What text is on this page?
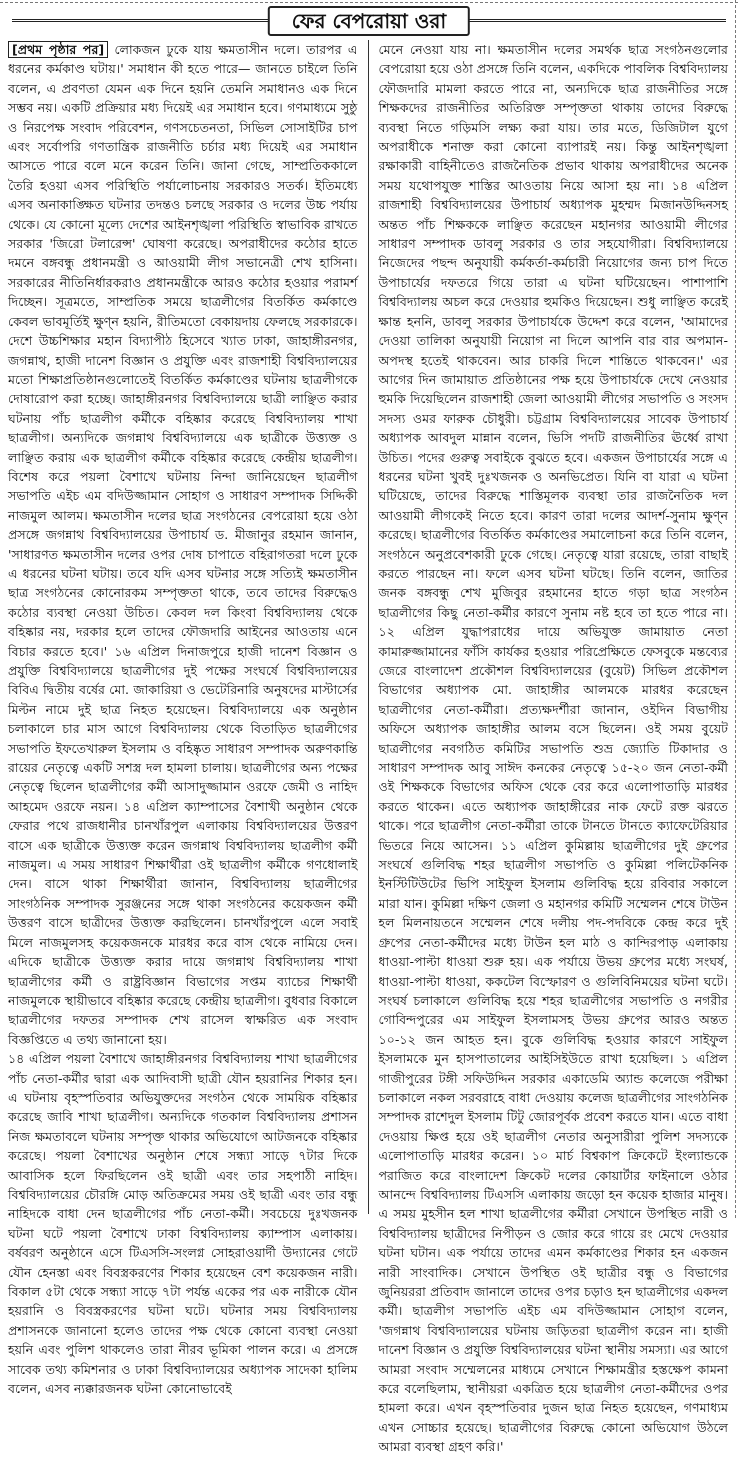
ফের বেপরোয়া ওরা

[প্রথম পৃষ্ঠার পর] লোকজন ঢুকে যায় ক্ষমতাসীন দলে। তারপর এ ধরনের কর্মকাণ্ড ঘটায়।' সমাধান কী হতে পারে— জানতে চাইলে তিনি বলেন, এ প্রবণতা যেমন এক দিনে হয়নি তেমনি সমাধানও এক দিনে সম্ভব নয়। একটি প্রক্রিয়ার মধ্য দিয়েই এর সমাধান হবে। গণমাধ্যমে সুষ্ঠু ও নিরপেক্ষ সংবাদ পরিবেশন, গণসচেতনতা, সিভিল সোসাইটির চাপ এবং সর্বোপরি গণতান্ত্রিক রাজনীতি চর্চার মধ্য দিয়েই এর সমাধান আসতে পারে বলে মনে করেন তিনি। জানা গেছে, সাম্প্রতিককালে তৈরি হওয়া এসব পরিস্থিতি পর্যালোচনায় সরকারও সতর্ক। ইতিমধ্যে এসব অনাকাঙ্ক্ষিত ঘটনার তদন্তও চলছে সরকার ও দলের উচ্চ পর্যায় থেকে। যে কোনো মূল্যে দেশের আইনশৃঙ্খলা পরিস্থিতি স্বাভাবিক রাখতে সরকার 'জিরো টলারেন্স' ঘোষণা করেছে। অপরাধীদের কঠোর হাতে দমনে বঙ্গবন্ধু প্রধানমন্ত্রী ও আওয়ামী লীগ সভানেত্রী শেখ হাসিনা। সরকারের নীতিনির্ধারকরাও প্রধানমন্ত্রীকে আরও কঠোর হওয়ার পরামর্শ দিচ্ছেন। সূত্রমতে, সাম্প্রতিক সময়ে ছাত্রলীগের বিতর্কিত কর্মকাণ্ডে কেবল ভাবমূর্তিই ক্ষুণ্ন হয়নি, রীতিমতো বেকায়দায় ফেলছে সরকারকে। দেশে উচ্চশিক্ষার মহান বিদ্যাপীঠ হিসেবে খ্যাত ঢাকা, জাহাঙ্গীরনগর, জগন্নাথ, হাজী দানেশ বিজ্ঞান ও প্রযুক্তি এবং রাজশাহী বিশ্ববিদ্যালয়ের মতো শিক্ষাপ্রতিষ্ঠানগুলোতেই বিতর্কিত কর্মকাণ্ডের ঘটনায় ছাত্রলীগকে দোষারোপ করা হচ্ছে। জাহাঙ্গীরনগর বিশ্ববিদ্যালয়ে ছাত্রী লাঞ্ছিত করার ঘটনায় পাঁচ ছাত্রলীগ কর্মীকে বহিষ্কার করেছে বিশ্ববিদ্যালয় শাখা ছাত্রলীগ। অন্যদিকে জগন্নাথ বিশ্ববিদ্যালয়ে এক ছাত্রীকে উত্ত্যক্ত ও লাঞ্ছিত করায় এক ছাত্রলীগ কর্মীকে বহিষ্কার করেছে কেন্দ্রীয় ছাত্রলীগ। বিশেষ করে পয়লা বৈশাখে ঘটনায় নিন্দা জানিয়েছেন ছাত্রলীগ সভাপতি এইচ এম বদিউজ্জামান সোহাগ ও সাধারণ সম্পাদক সিদ্দিকী নাজমুল আলম। ক্ষমতাসীন দলের ছাত্র সংগঠনের বেপরোয়া হয়ে ওঠা প্রসঙ্গে জগন্নাথ বিশ্ববিদ্যালয়ের উপাচার্য ড. মীজানুর রহমান জানান, 'সাধারণত ক্ষমতাসীন দলের ওপর দোষ চাপাতে বহিরাগতরা দলে ঢুকে এ ধরনের ঘটনা ঘটায়। তবে যদি এসব ঘটনার সঙ্গে সত্যিই ক্ষমতাসীন ছাত্র সংগঠনের কোনোরকম সম্পৃক্ততা থাকে, তবে তাদের বিরুদ্ধেও কঠোর ব্যবস্থা নেওয়া উচিত। কেবল দল কিংবা বিশ্ববিদ্যালয় থেকে বহিষ্কার নয়, দরকার হলে তাদের ফৌজদারি আইনের আওতায় এনে বিচার করতে হবে।' ১৬ এপ্রিল দিনাজপুরে হাজী দানেশ বিজ্ঞান ও প্রযুক্তি বিশ্ববিদ্যালয়ে ছাত্রলীগের দুই পক্ষের সংঘর্ষে বিশ্ববিদ্যালয়ের বিবিএ দ্বিতীয় বর্ষের মো. জাকারিয়া ও ভেটেরিনারি অনুষদের মাস্টার্সের মিল্টন নামে দুই ছাত্র নিহত হয়েছেন। বিশ্ববিদ্যালয়ে এক অনুষ্ঠান চলাকালে চার মাস আগে বিশ্ববিদ্যালয় থেকে বিতাড়িত ছাত্রলীগের সভাপতি ইফতেখারুল ইসলাম ও বহিষ্কৃত সাধারণ সম্পাদক অরুণকান্তি রায়ের নেতৃত্বে একটি সশস্ত্র দল হামলা চালায়। ছাত্রলীগের অন্য পক্ষের নেতৃত্বে ছিলেন ছাত্রলীগের কর্মী আসাদুজ্জামান ওরফে জেমী ও নাহিদ আহমেদ ওরফে নয়ন। ১৪ এপ্রিল ক্যাম্পাসের বৈশাখী অনুষ্ঠান থেকে ফেরার পথে রাজধানীর চানখাঁরপুল এলাকায় বিশ্ববিদ্যালয়ের উত্তরণ বাসে এক ছাত্রীকে উত্ত্যক্ত করেন জগন্নাথ বিশ্ববিদ্যালয় ছাত্রলীগ কর্মী নাজমুল। এ সময় সাধারণ শিক্ষার্থীরা ওই ছাত্রলীগ কর্মীকে গণধোলাই দেন। বাসে থাকা শিক্ষার্থীরা জানান, বিশ্ববিদ্যালয় ছাত্রলীগের সাংগঠনিক সম্পাদক সুরঞ্জনের সঙ্গে থাকা সংগঠনের কয়েকজন কর্মী উত্তরণ বাসে ছাত্রীদের উত্ত্যক্ত করছিলেন। চানখাঁরপুলে এলে সবাই মিলে নাজমুলসহ কয়েকজনকে মারধর করে বাস থেকে নামিয়ে দেন। এদিকে ছাত্রীকে উত্ত্যক্ত করার দায়ে জগন্নাথ বিশ্ববিদ্যালয় শাখা ছাত্রলীগের কর্মী ও রাষ্ট্রবিজ্ঞান বিভাগের সপ্তম ব্যাচের শিক্ষার্থী নাজমুলকে স্থায়ীভাবে বহিষ্কার করেছে কেন্দ্রীয় ছাত্রলীগ। বুধবার বিকালে ছাত্রলীগের দফতর সম্পাদক শেখ রাসেল স্বাক্ষরিত এক সংবাদ বিজ্ঞপ্তিতে এ তথ্য জানানো হয়।

১৪ এপ্রিল পয়লা বৈশাখে জাহাঙ্গীরনগর বিশ্ববিদ্যালয় শাখা ছাত্রলীগের পাঁচ নেতা-কর্মীর দ্বারা এক আদিবাসী ছাত্রী যৌন হয়রানির শিকার হন। এ ঘটনায় বৃহস্পতিবার অভিযুক্তদের সংগঠন থেকে সাময়িক বহিষ্কার করেছে জাবি শাখা ছাত্রলীগ। অন্যদিকে গতকাল বিশ্ববিদ্যালয় প্রশাসন নিজ ক্ষমতাবলে ঘটনায় সম্পৃক্ত থাকার অভিযোগে আটজনকে বহিষ্কার করেছে। পয়লা বৈশাখের অনুষ্ঠান শেষে সন্ধ্যা সাড়ে ৭টার দিকে আবাসিক হলে ফিরছিলেন ওই ছাত্রী এবং তার সহপাঠী নাহিদ। বিশ্ববিদ্যালয়ের চৌরঙ্গি মোড় অতিক্রমের সময় ওই ছাত্রী এবং তার বন্ধু নাহিদকে বাধা দেন ছাত্রলীগের পাঁচ নেতা-কর্মী। সবচেয়ে দুঃখজনক ঘটনা ঘটে পয়লা বৈশাখে ঢাকা বিশ্ববিদ্যালয় ক্যাম্পাস এলাকায়। বর্ষবরণ অনুষ্ঠানে এসে টিএসসি-সংলগ্ন সোহরাওয়ার্দী উদ্যানের গেটে যৌন হেনস্তা এবং বিবস্ত্রকরণের শিকার হয়েছেন বেশ কয়েকজন নারী। বিকাল ৫টা থেকে সন্ধ্যা সাড়ে ৭টা পর্যন্ত একের পর এক নারীকে যৌন হয়রানি ও বিবস্ত্রকরণের ঘটনা ঘটে। ঘটনার সময় বিশ্ববিদ্যালয় প্রশাসনকে জানানো হলেও তাদের পক্ষ থেকে কোনো ব্যবস্থা নেওয়া হয়নি এবং পুলিশ থাকলেও তারা নীরব ভূমিকা পালন করে। এ প্রসঙ্গে সাবেক তথ্য কমিশনার ও ঢাকা বিশ্ববিদ্যালয়ের অধ্যাপক সাদেকা হালিম বলেন, এসব ন্যক্কারজনক ঘটনা কোনোভাবেই

মেনে নেওয়া যায় না। ক্ষমতাসীন দলের সমর্থক ছাত্র সংগঠনগুলোর বেপরোয়া হয়ে ওঠা প্রসঙ্গে তিনি বলেন, একদিকে পাবলিক বিশ্ববিদ্যালয় ফৌজদারি মামলা করতে পারে না, অন্যদিকে ছাত্র রাজনীতির সঙ্গে শিক্ষকদের রাজনীতির অতিরিক্ত সম্পৃক্ততা থাকায় তাদের বিরুদ্ধে ব্যবস্থা নিতে গড়িমসি লক্ষ্য করা যায়। তার মতে, ডিজিটাল যুগে অপরাধীকে শনাক্ত করা কোনো ব্যাপারই নয়। কিন্তু আইনশৃঙ্খলা রক্ষাকারী বাহিনীতেও রাজনৈতিক প্রভাব থাকায় অপরাধীদের অনেক সময় যথোপযুক্ত শাস্তির আওতায় নিয়ে আসা হয় না। ১৪ এপ্রিল রাজশাহী বিশ্ববিদ্যালয়ের উপাচার্য অধ্যাপক মুহম্মদ মিজানউদ্দিনসহ অন্তত পাঁচ শিক্ষককে লাঞ্ছিত করেছেন মহানগর আওয়ামী লীগের সাধারণ সম্পাদক ডাবলু সরকার ও তার সহযোগীরা। বিশ্ববিদ্যালয়ে নিজেদের পছন্দ অনুযায়ী কর্মকর্তা-কর্মচারী নিয়োগের জন্য চাপ দিতে উপাচার্যের দফতরে গিয়ে তারা এ ঘটনা ঘটিয়েছেন। পাশাপাশি বিশ্ববিদ্যালয় অচল করে দেওয়ার হুমকিও দিয়েছেন। শুধু লাঞ্ছিত করেই ক্ষান্ত হননি, ডাবলু সরকার উপাচার্যকে উদ্দেশ করে বলেন, 'আমাদের দেওয়া তালিকা অনুযায়ী নিয়োগ না দিলে আপনি বার বার অপমান-অপদস্থ হতেই থাকবেন। আর চাকরি দিলে শান্তিতে থাকবেন।' এর আগের দিন জামায়াত প্রতিষ্ঠানের পক্ষ হয়ে উপাচার্যকে দেখে নেওয়ার হুমকি দিয়েছিলেন রাজশাহী জেলা আওয়ামী লীগের সভাপতি ও সংসদ সদস্য ওমর ফারুক চৌধুরী। চট্টগ্রাম বিশ্ববিদ্যালয়ের সাবেক উপাচার্য অধ্যাপক আবদুল মান্নান বলেন, ভিসি পদটি রাজনীতির ঊর্ধ্বে রাখা উচিত। পদের গুরুত্ব সবাইকে বুঝতে হবে। একজন উপাচার্যের সঙ্গে এ ধরনের ঘটনা খুবই দুঃখজনক ও অনভিপ্রেত। যিনি বা যারা এ ঘটনা ঘটিয়েছে, তাদের বিরুদ্ধে শাস্তিমূলক ব্যবস্থা তার রাজনৈতিক দল আওয়ামী লীগকেই নিতে হবে। কারণ তারা দলের আদর্শ-সুনাম ক্ষুণ্ন করেছে। ছাত্রলীগের বিতর্কিত কর্মকাণ্ডের সমালোচনা করে তিনি বলেন, সংগঠনে অনুপ্রবেশকারী ঢুকে গেছে। নেতৃত্বে যারা রয়েছে, তারা বাছাই করতে পারছেন না। ফলে এসব ঘটনা ঘটছে। তিনি বলেন, জাতির জনক বঙ্গবন্ধু শেখ মুজিবুর রহমানের হাতে গড়া ছাত্র সংগঠন ছাত্রলীগের কিছু নেতা-কর্মীর কারণে সুনাম নষ্ট হবে তা হতে পারে না। ১২ এপ্রিল যুদ্ধাপরাধের দায়ে অভিযুক্ত জামায়াত নেতা কামারুজ্জামানের ফাঁসি কার্যকর হওয়ার পরিপ্রেক্ষিতে ফেসবুকে মন্তব্যের জেরে বাংলাদেশ প্রকৌশল বিশ্ববিদ্যালয়ের (বুয়েট) সিভিল প্রকৌশল বিভাগের অধ্যাপক মো. জাহাঙ্গীর আলমকে মারধর করেছেন ছাত্রলীগের নেতা-কর্মীরা। প্রত্যক্ষদর্শীরা জানান, ওইদিন বিভাগীয় অফিসে অধ্যাপক জাহাঙ্গীর আলম বসে ছিলেন। ওই সময় বুয়েট ছাত্রলীগের নবগঠিত কমিটির সভাপতি শুভ্র জ্যোতি টিকাদার ও সাধারণ সম্পাদক আবু সাঈদ কনকের নেতৃত্বে ১৫-২০ জন নেতা-কর্মী ওই শিক্ষককে বিভাগের অফিস থেকে বের করে এলোপাতাড়ি মারধর করতে থাকেন। এতে অধ্যাপক জাহাঙ্গীরের নাক ফেটে রক্ত ঝরতে থাকে। পরে ছাত্রলীগ নেতা-কর্মীরা তাকে টানতে টানতে ক্যাফেটেরিয়ার ভিতরে নিয়ে আসেন। ১১ এপ্রিল কুমিল্লায় ছাত্রলীগের দুই গ্রুপের সংঘর্ষে গুলিবিদ্ধ শহর ছাত্রলীগ সভাপতি ও কুমিল্লা পলিটেকনিক ইনস্টিটিউটের ভিপি সাইফুল ইসলাম গুলিবিদ্ধ হয়ে রবিবার সকালে মারা যান। কুমিল্লা দক্ষিণ জেলা ও মহানগর কমিটি সম্মেলন শেষে টাউন হল মিলনায়তনে সম্মেলন শেষে দলীয় পদ-পদবিকে কেন্দ্র করে দুই গ্রুপের নেতা-কর্মীদের মধ্যে টাউন হল মাঠ ও কান্দিরপাড় এলাকায় ধাওয়া-পাল্টা ধাওয়া শুরু হয়। এক পর্যায়ে উভয় গ্রুপের মধ্যে সংঘর্ষ, ধাওয়া-পাল্টা ধাওয়া, ককটেল বিস্ফোরণ ও গুলিবিনিময়ের ঘটনা ঘটে। সংঘর্ষ চলাকালে গুলিবিদ্ধ হয়ে শহর ছাত্রলীগের সভাপতি ও নগরীর গোবিন্দপুরের এম সাইফুল ইসলামসহ উভয় গ্রুপের আরও অন্তত ১০-১২ জন আহত হন। বুকে গুলিবিদ্ধ হওয়ার কারণে সাইফুল ইসলামকে মুন হাসপাতালের আইসিইউতে রাখা হয়েছিল। ১ এপ্রিল গাজীপুরের টঙ্গী সফিউদ্দিন সরকার একাডেমি অ্যান্ড কলেজে পরীক্ষা চলাকালে নকল সরবরাহে বাধা দেওয়ায় কলেজ ছাত্রলীগের সাংগঠনিক সম্পাদক রাশেদুল ইসলাম টিটু জোরপূর্বক প্রবেশ করতে যান। এতে বাধা দেওয়ায় ক্ষিপ্ত হয়ে ওই ছাত্রলীগ নেতার অনুসারীরা পুলিশ সদস্যকে এলোপাতাড়ি মারধর করেন। ১০ মার্চ বিশ্বকাপ ক্রিকেটে ইংল্যান্ডকে পরাজিত করে বাংলাদেশ ক্রিকেট দলের কোয়ার্টার ফাইনালে ওঠার আনন্দে বিশ্ববিদ্যালয় টিএসসি এলাকায় জড়ো হন কয়েক হাজার মানুষ। এ সময় মুহসীন হল শাখা ছাত্রলীগের কর্মীরা সেখানে উপস্থিত নারী ও বিশ্ববিদ্যালয় ছাত্রীদের নিপীড়ন ও জোর করে গায়ে রং মেখে দেওয়ার ঘটনা ঘটান। এক পর্যায়ে তাদের এমন কর্মকাণ্ডের শিকার হন একজন নারী সাংবাদিক। সেখানে উপস্থিত ওই ছাত্রীর বন্ধু ও বিভাগের জুনিয়ররা প্রতিবাদ জানালে তাদের ওপর চড়াও হন ছাত্রলীগের একদল কর্মী। ছাত্রলীগ সভাপতি এইচ এম বদিউজ্জামান সোহাগ বলেন, 'জগন্নাথ বিশ্ববিদ্যালয়ের ঘটনায় জড়িতরা ছাত্রলীগ করেন না। হাজী দানেশ বিজ্ঞান ও প্রযুক্তি বিশ্ববিদ্যালয়ের ঘটনা স্থানীয় সমস্যা। এর আগে আমরা সংবাদ সম্মেলনের মাধ্যমে সেখানে শিক্ষামন্ত্রীর হস্তক্ষেপ কামনা করে বলেছিলাম, স্থানীয়রা একত্রিত হয়ে ছাত্রলীগ নেতা-কর্মীদের ওপর হামলা করে। এখন বৃহস্পতিবার দুজন ছাত্র নিহত হয়েছেন, গণমাধ্যম এখন সোচ্চার হয়েছে। ছাত্রলীগের বিরুদ্ধে কোনো অভিযোগ উঠলে আমরা ব্যবস্থা গ্রহণ করি।'
